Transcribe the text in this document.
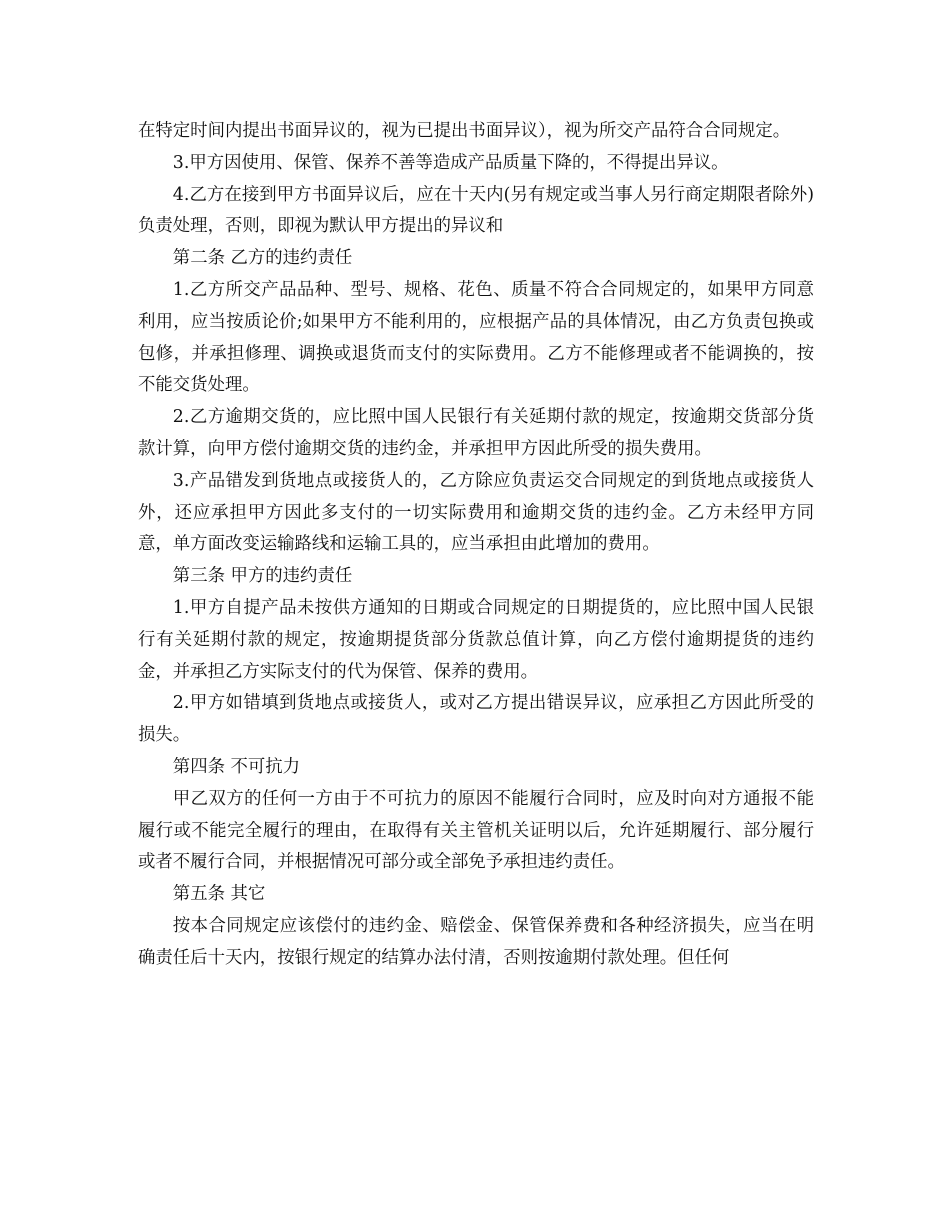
在特定时间内提出书面异议的，视为已提出书面异议），视为所交产品符合合同规定。

3.甲方因使用、保管、保养不善等造成产品质量下降的，不得提出异议。

4.乙方在接到甲方书面异议后，应在十天内(另有规定或当事人另行商定期限者除外)负责处理，否则，即视为默认甲方提出的异议和

第二条 乙方的违约责任

1.乙方所交产品品种、型号、规格、花色、质量不符合合同规定的，如果甲方同意利用，应当按质论价;如果甲方不能利用的，应根据产品的具体情况，由乙方负责包换或包修，并承担修理、调换或退货而支付的实际费用。乙方不能修理或者不能调换的，按不能交货处理。

2.乙方逾期交货的，应比照中国人民银行有关延期付款的规定，按逾期交货部分货款计算，向甲方偿付逾期交货的违约金，并承担甲方因此所受的损失费用。

3.产品错发到货地点或接货人的，乙方除应负责运交合同规定的到货地点或接货人外，还应承担甲方因此多支付的一切实际费用和逾期交货的违约金。乙方未经甲方同意，单方面改变运输路线和运输工具的，应当承担由此增加的费用。

第三条 甲方的违约责任

1.甲方自提产品未按供方通知的日期或合同规定的日期提货的，应比照中国人民银行有关延期付款的规定，按逾期提货部分货款总值计算，向乙方偿付逾期提货的违约金，并承担乙方实际支付的代为保管、保养的费用。

2.甲方如错填到货地点或接货人，或对乙方提出错误异议，应承担乙方因此所受的损失。

第四条 不可抗力

甲乙双方的任何一方由于不可抗力的原因不能履行合同时，应及时向对方通报不能履行或不能完全履行的理由，在取得有关主管机关证明以后，允许延期履行、部分履行或者不履行合同，并根据情况可部分或全部免予承担违约责任。

第五条 其它

按本合同规定应该偿付的违约金、赔偿金、保管保养费和各种经济损失，应当在明确责任后十天内，按银行规定的结算办法付清，否则按逾期付款处理。但任何
